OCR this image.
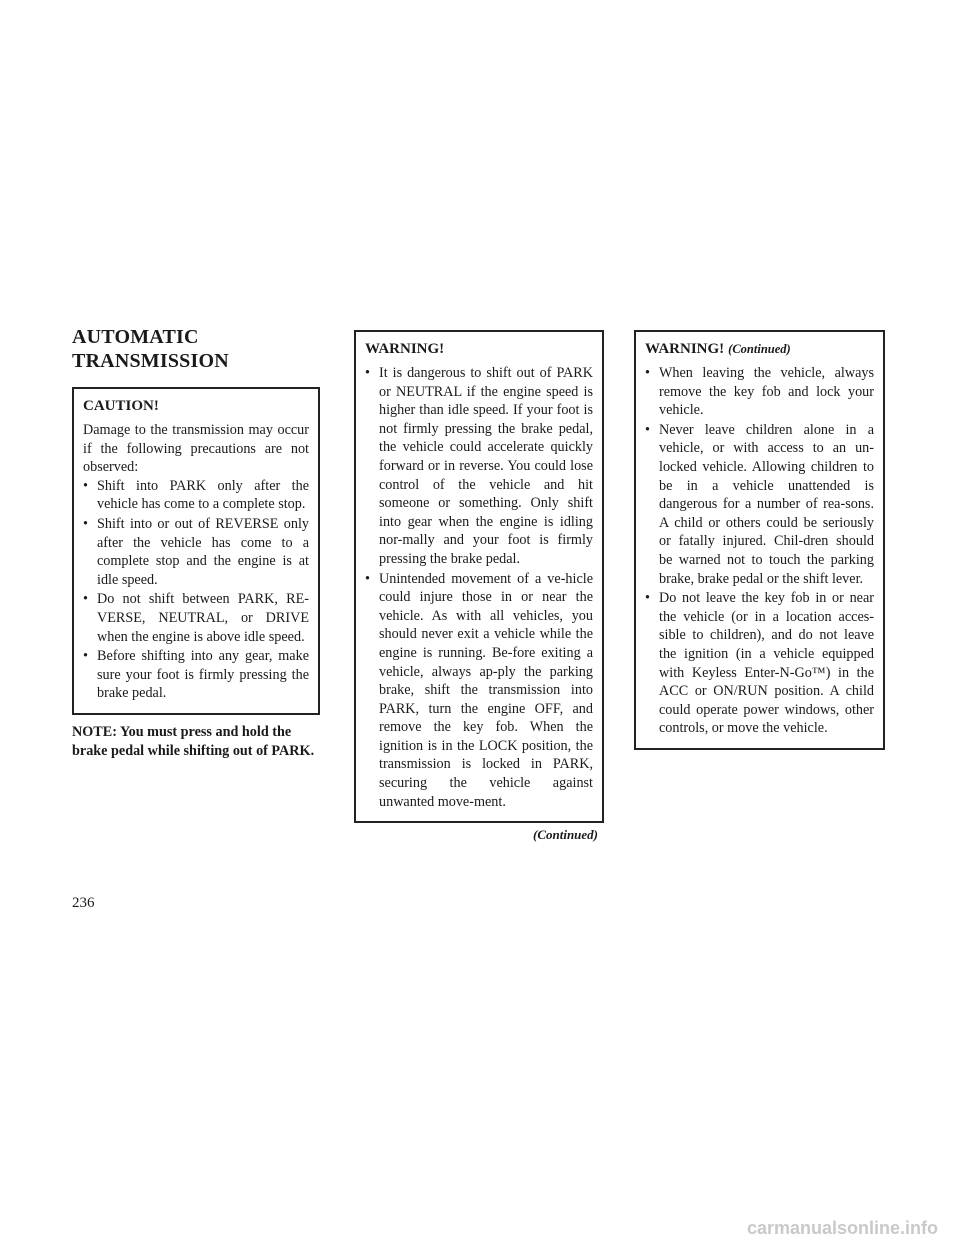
AUTOMATIC
TRANSMISSION
CAUTION!

Damage to the transmission may occur if the following precautions are not observed:

• Shift into PARK only after the vehicle has come to a complete stop.
• Shift into or out of REVERSE only after the vehicle has come to a complete stop and the engine is at idle speed.
• Do not shift between PARK, RE-VERSE, NEUTRAL, or DRIVE when the engine is above idle speed.
• Before shifting into any gear, make sure your foot is firmly pressing the brake pedal.
NOTE: You must press and hold the brake pedal while shifting out of PARK.
WARNING!
• It is dangerous to shift out of PARK or NEUTRAL if the engine speed is higher than idle speed. If your foot is not firmly pressing the brake pedal, the vehicle could accelerate quickly forward or in reverse. You could lose control of the vehicle and hit someone or something. Only shift into gear when the engine is idling nor-mally and your foot is firmly pressing the brake pedal.
• Unintended movement of a ve-hicle could injure those in or near the vehicle. As with all vehicles, you should never exit a vehicle while the engine is running. Be-fore exiting a vehicle, always ap-ply the parking brake, shift the transmission into PARK, turn the engine OFF, and remove the key fob. When the ignition is in the LOCK position, the transmission is locked in PARK, securing the vehicle against unwanted move-ment.
(Continued)
WARNING! (Continued)
• When leaving the vehicle, always remove the key fob and lock your vehicle.
• Never leave children alone in a vehicle, or with access to an un-locked vehicle. Allowing children to be in a vehicle unattended is dangerous for a number of rea-sons. A child or others could be seriously or fatally injured. Chil-dren should be warned not to touch the parking brake, brake pedal or the shift lever.
• Do not leave the key fob in or near the vehicle (or in a location acces-sible to children), and do not leave the ignition (in a vehicle equipped with Keyless Enter-N-Go™) in the ACC or ON/RUN position. A child could operate power windows, other controls, or move the vehicle.
236
carmanualsonline.info
